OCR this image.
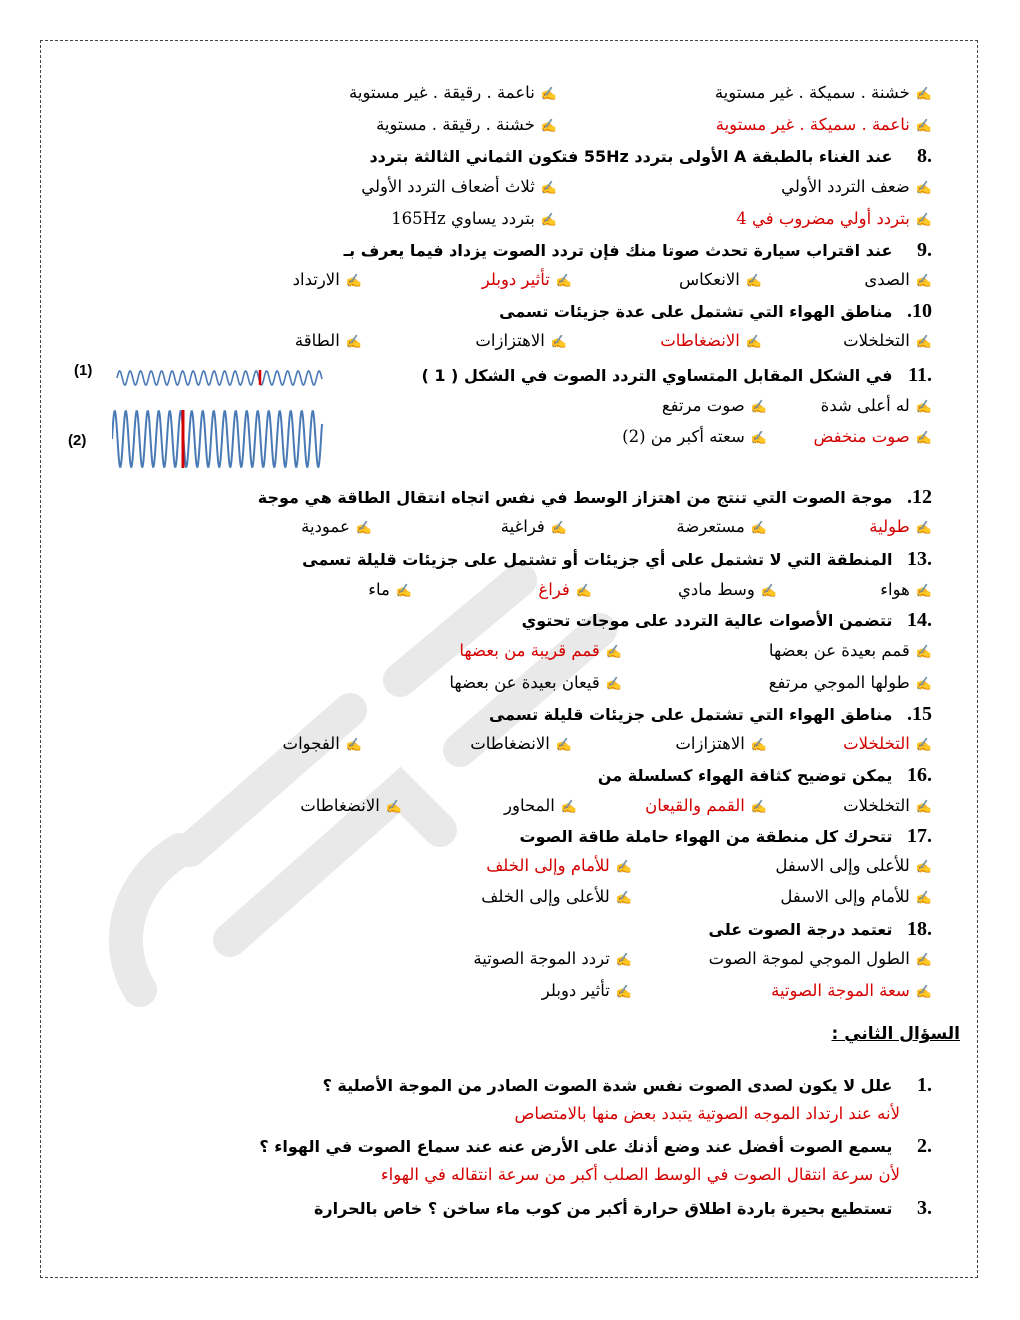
✍خشنة . سميكة . غير مستوية
✍ناعمة . رقيقة . غير مستوية
✍ناعمة . سميكة . غير مستوية
✍خشنة . رقيقة . مستوية
.8 عند الغناء بالطبقة A الأولى بتردد 55Hz فتكون الثماني الثالثة بتردد
✍ضعف التردد الأولي
✍ثلاث أضعاف التردد الأولي
✍بتردد أولي مضروب في 4
✍بتردد يساوي 165Hz
.9 عند اقتراب سيارة تحدث صوتا منك فإن تردد الصوت يزداد فيما يعرف بـ
✍الصدى
✍الانعكاس
✍تأثير دوبلر
✍الارتداد
10. مناطق الهواء التي تشتمل على عدة جزيئات تسمى
✍التخلخلات
✍الانضغاطات
✍الاهتزازات
✍الطاقة
.11 في الشكل المقابل المتساوي التردد الصوت في الشكل ( 1 )
✍له أعلى شدة
✍صوت مرتفع
✍صوت منخفض
✍سعته أكبر من (2)
(1)
(2)
12. موجة الصوت التي تنتج من اهتزاز الوسط في نفس اتجاه انتقال الطاقة هي موجة
✍طولية
✍مستعرضة
✍فراغية
✍عمودية
.13 المنطقة التي لا تشتمل على أي جزيئات أو تشتمل على جزيئات قليلة تسمى
✍هواء
✍وسط مادي
✍فراغ
✍ماء
.14 تتضمن الأصوات عالية التردد على موجات تحتوي
✍قمم بعيدة عن بعضها
✍قمم قريبة من بعضها
✍طولها الموجي مرتفع
✍قيعان بعيدة عن بعضها
15. مناطق الهواء التي تشتمل على جزيئات قليلة تسمى
✍التخلخلات
✍الاهتزازات
✍الانضغاطات
✍الفجوات
.16 يمكن توضيح كثافة الهواء كسلسلة من
✍التخلخلات
✍القمم والقيعان
✍المحاور
✍الانضغاطات
.17 تتحرك كل منطقة من الهواء حاملة طاقة الصوت
✍للأعلى وإلى الاسفل
✍للأمام وإلى الخلف
✍للأمام وإلى الاسفل
✍للأعلى وإلى الخلف
.18 تعتمد درجة الصوت على
✍الطول الموجي لموجة الصوت
✍تردد الموجة الصوتية
✍سعة الموجة الصوتية
✍تأثير دوبلر
السؤال الثاني :
.1 علل لا يكون لصدى الصوت نفس شدة الصوت الصادر من الموجة الأصلية ؟
لأنه عند ارتداد الموجه الصوتية يتبدد بعض منها بالامتصاص
.2 يسمع الصوت أفضل عند وضع أذنك على الأرض عنه عند سماع الصوت في الهواء ؟
لأن سرعة انتقال الصوت في الوسط الصلب أكبر من سرعة انتقاله في الهواء
.3 تستطيع بحيرة باردة اطلاق حرارة أكبر من كوب ماء ساخن ؟ خاص بالحرارة
